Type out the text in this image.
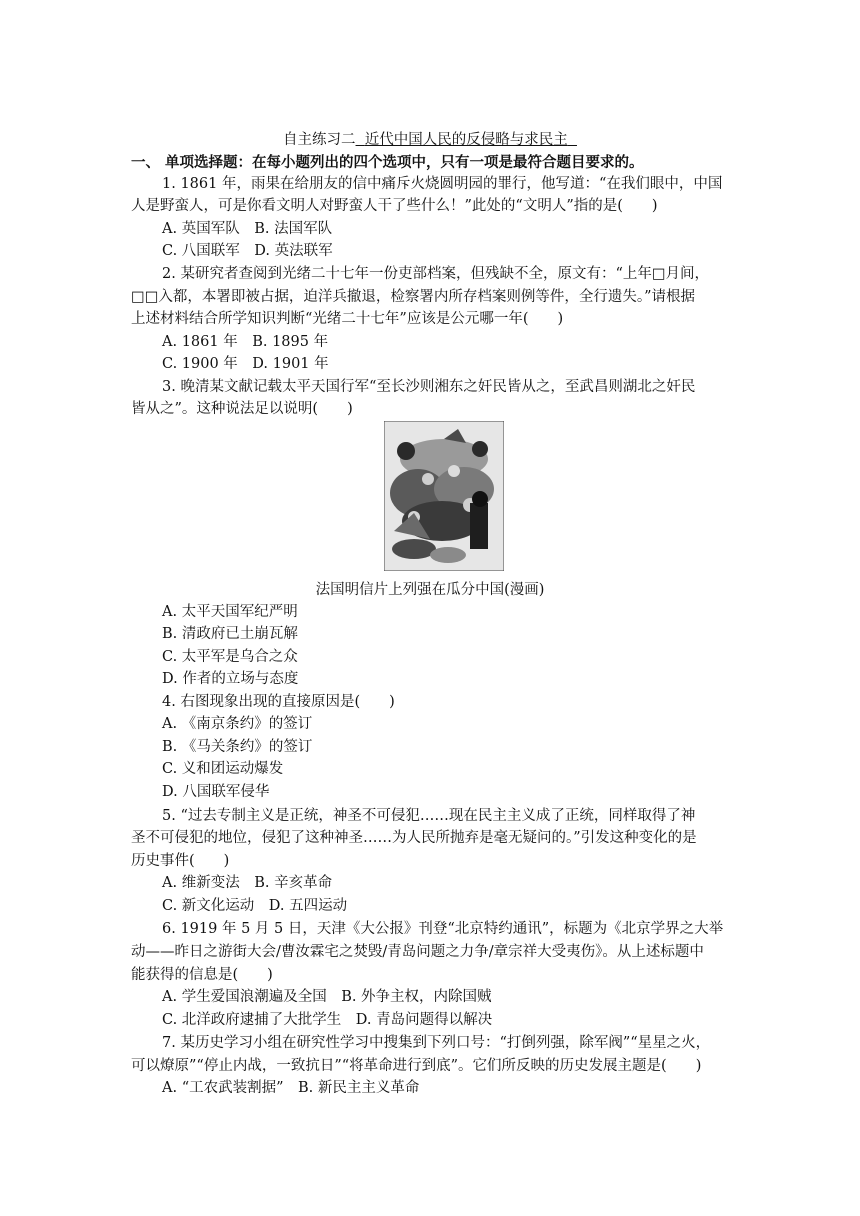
自主练习二 近代中国人民的反侵略与求民主
一、 单项选择题：在每小题列出的四个选项中，只有一项是最符合题目要求的。
1. 1861 年，雨果在给朋友的信中痛斥火烧圆明园的罪行，他写道：“在我们眼中，中国
人是野蛮人，可是你看文明人对野蛮人干了些什么！”此处的“文明人”指的是(　　)
A. 英国军队　B. 法国军队
C. 八国联军　D. 英法联军
2. 某研究者查阅到光绪二十七年一份吏部档案，但残缺不全，原文有：“上年□月间，
□□入都，本署即被占据，迫洋兵撤退，检察署内所存档案则例等件，全行遗失。”请根据
上述材料结合所学知识判断“光绪二十七年”应该是公元哪一年(　　)
A. 1861 年　B. 1895 年
C. 1900 年　D. 1901 年
3. 晚清某文献记载太平天国行军“至长沙则湘东之奸民皆从之，至武昌则湖北之奸民
皆从之”。这种说法足以说明(　　)
法国明信片上列强在瓜分中国(漫画)
A. 太平天国军纪严明
B. 清政府已土崩瓦解
C. 太平军是乌合之众
D. 作者的立场与态度
4. 右图现象出现的直接原因是(　　)
A. 《南京条约》的签订
B. 《马关条约》的签订
C. 义和团运动爆发
D. 八国联军侵华
5. “过去专制主义是正统，神圣不可侵犯……现在民主主义成了正统，同样取得了神
圣不可侵犯的地位，侵犯了这种神圣……为人民所抛弃是毫无疑问的。”引发这种变化的是
历史事件(　　)
A. 维新变法　B. 辛亥革命
C. 新文化运动　D. 五四运动
6. 1919 年 5 月 5 日，天津《大公报》刊登“北京特约通讯”，标题为《北京学界之大举
动——昨日之游街大会/曹汝霖宅之焚毁/青岛问题之力争/章宗祥大受夷伤》。从上述标题中
能获得的信息是(　　)
A. 学生爱国浪潮遍及全国　B. 外争主权，内除国贼
C. 北洋政府逮捕了大批学生　D. 青岛问题得以解决
7. 某历史学习小组在研究性学习中搜集到下列口号：“打倒列强，除军阀”“星星之火，
可以燎原”“停止内战，一致抗日”“将革命进行到底”。它们所反映的历史发展主题是(　　)
A. “工农武装割据”　B. 新民主主义革命
